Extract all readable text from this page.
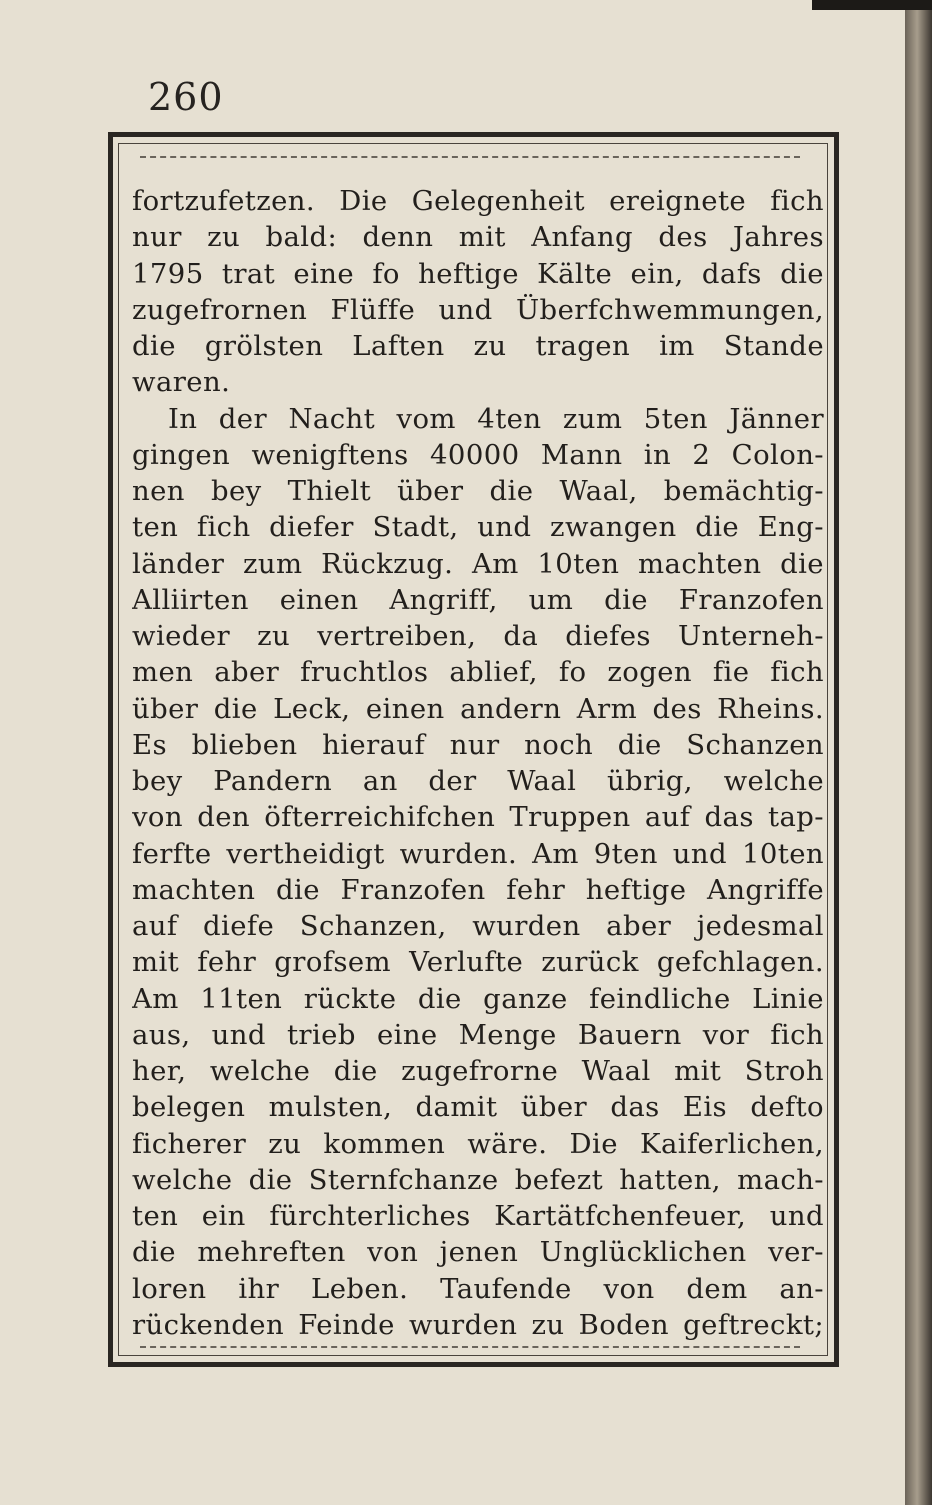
260
fortzufetzen. Die Gelegenheit ereignete fich
nur zu bald: denn mit Anfang des Jahres
1795 trat eine fo heftige Kälte ein, dafs die
zugefrornen Flüffe und Überfchwemmungen,
die grölsten Laften zu tragen im Stande
waren.
In der Nacht vom 4ten zum 5ten Jänner
gingen wenigftens 40000 Mann in 2 Colon-
nen bey Thielt über die Waal, bemächtig-
ten fich diefer Stadt, und zwangen die Eng-
länder zum Rückzug. Am 10ten machten die
Alliirten einen Angriff, um die Franzofen
wieder zu vertreiben, da diefes Unterneh-
men aber fruchtlos ablief, fo zogen fie fich
über die Leck, einen andern Arm des Rheins.
Es blieben hierauf nur noch die Schanzen
bey Pandern an der Waal übrig, welche
von den öfterreichifchen Truppen auf das tap-
ferfte vertheidigt wurden. Am 9ten und 10ten
machten die Franzofen fehr heftige Angriffe
auf diefe Schanzen, wurden aber jedesmal
mit fehr grofsem Verlufte zurück gefchlagen.
Am 11ten rückte die ganze feindliche Linie
aus, und trieb eine Menge Bauern vor fich
her, welche die zugefrorne Waal mit Stroh
belegen mulsten, damit über das Eis defto
ficherer zu kommen wäre. Die Kaiferlichen,
welche die Sternfchanze befezt hatten, mach-
ten ein fürchterliches Kartätfchenfeuer, und
die mehreften von jenen Unglücklichen ver-
loren ihr Leben. Taufende von dem an-
rückenden Feinde wurden zu Boden geftreckt;
